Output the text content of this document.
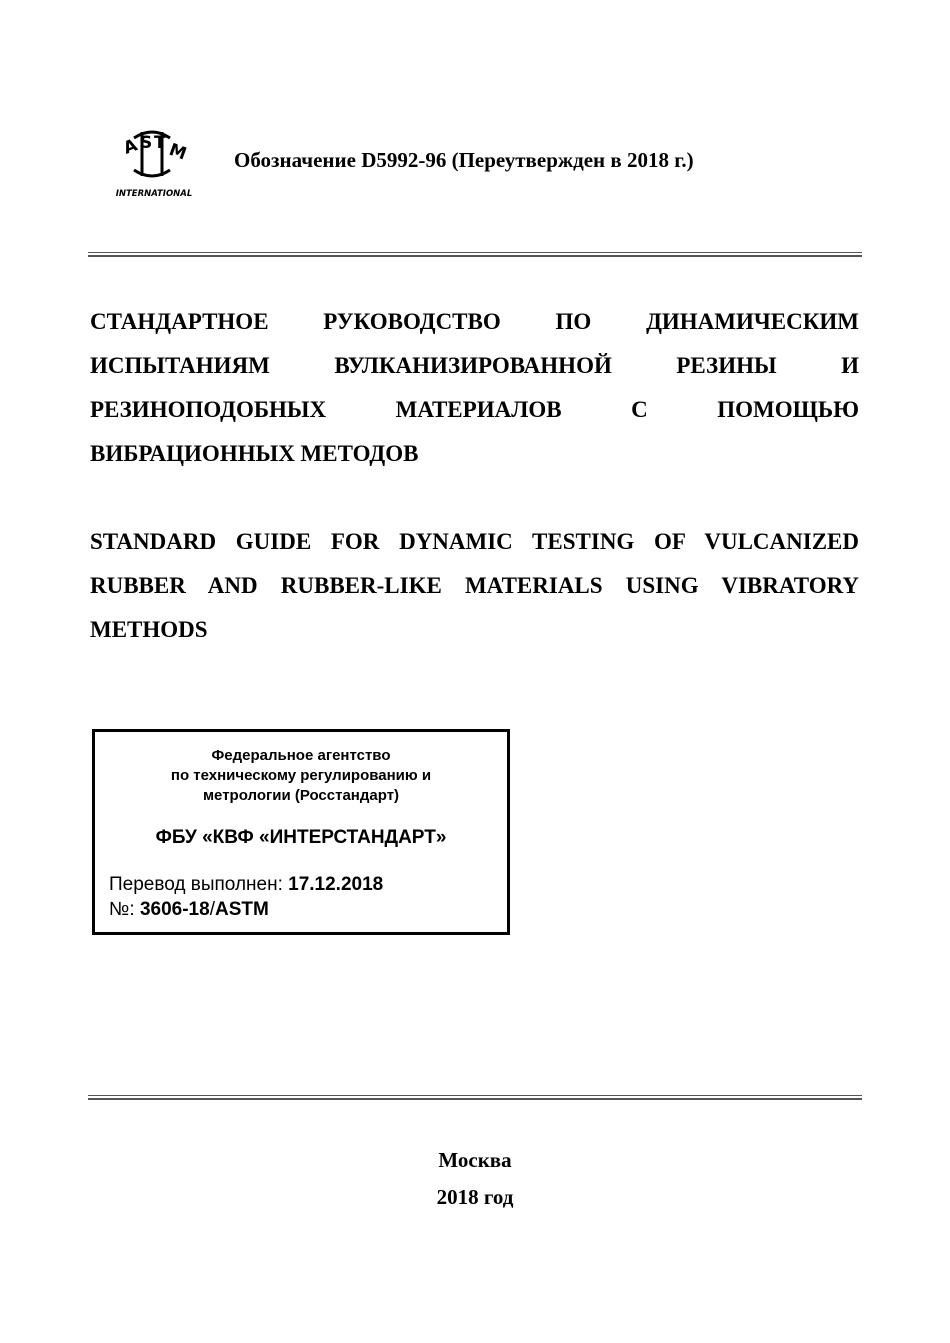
A S T M
INTERNATIONAL
Обозначение D5992-96 (Переутвержден в 2018 г.)
СТАНДАРТНОЕ РУКОВОДСТВО ПО ДИНАМИЧЕСКИМ
ИСПЫТАНИЯМ ВУЛКАНИЗИРОВАННОЙ РЕЗИНЫ И
РЕЗИНОПОДОБНЫХ МАТЕРИАЛОВ С ПОМОЩЬЮ
ВИБРАЦИОННЫХ МЕТОДОВ
STANDARD GUIDE FOR DYNAMIC TESTING OF VULCANIZED
RUBBER AND RUBBER-LIKE MATERIALS USING VIBRATORY
METHODS
Федеральное агентство
по техническому регулированию и
метрологии (Росстандарт)
ФБУ «КВФ «ИНТЕРСТАНДАРТ»
Перевод выполнен: 17.12.2018
№: 3606-18/ASTM
Москва
2018 год
